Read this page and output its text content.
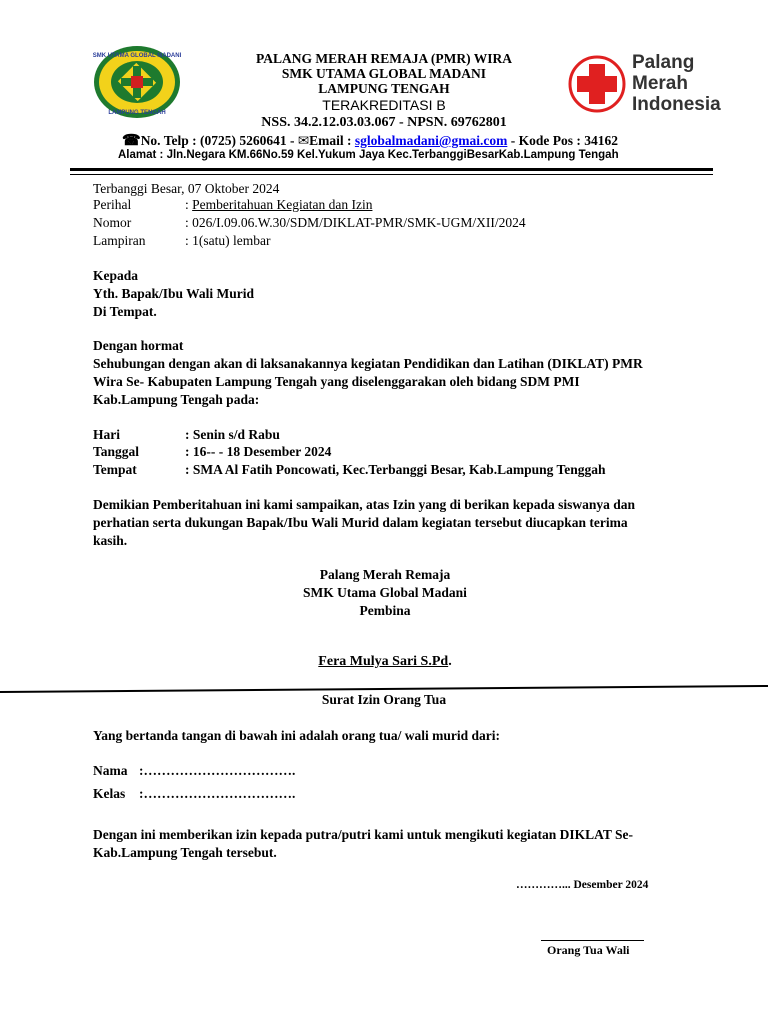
SMK UTAMA GLOBAL MADANI
LAMPUNG TENGAH
Palang
Merah
Indonesia
PALANG MERAH REMAJA (PMR) WIRA
SMK UTAMA GLOBAL MADANI
LAMPUNG TENGAH
TERAKREDITASI B
NSS. 34.2.12.03.03.067 - NPSN. 69762801
☎No. Telp : (0725) 5260641 - ✉Email : sglobalmadani@gmai.com - Kode Pos : 34162
Alamat : Jln.Negara KM.66No.59 Kel.Yukum Jaya Kec.TerbanggiBesarKab.Lampung Tengah
Terbanggi Besar, 07 Oktober 2024
Perihal	: Pemberitahuan Kegiatan dan Izin
Nomor	: 026/I.09.06.W.30/SDM/DIKLAT-PMR/SMK-UGM/XII/2024
Lampiran	: 1(satu) lembar
Kepada
Yth. Bapak/Ibu Wali Murid
Di Tempat.
Dengan hormat
Sehubungan dengan akan di laksanakannya kegiatan Pendidikan dan Latihan (DIKLAT) PMR
Wira Se- Kabupaten Lampung Tengah yang diselenggarakan oleh bidang SDM PMI
Kab.Lampung Tengah pada:
Hari	: Senin s/d Rabu
Tanggal	: 16-- - 18 Desember 2024
Tempat	: SMA Al Fatih Poncowati, Kec.Terbanggi Besar, Kab.Lampung Tenggah
Demikian Pemberitahuan ini kami sampaikan, atas Izin yang di berikan kepada siswanya dan
perhatian serta dukungan Bapak/Ibu Wali Murid dalam kegiatan tersebut diucapkan terima
kasih.
Palang Merah Remaja
SMK Utama Global Madani
Pembina
Fera Mulya Sari S.Pd.
Surat Izin Orang Tua
Yang bertanda tangan di bawah ini adalah orang tua/ wali murid dari:
Nama :…………………………….
Kelas :…………………………….
Dengan ini memberikan izin kepada putra/putri kami untuk mengikuti kegiatan DIKLAT Se-
Kab.Lampung Tengah tersebut.
…………... Desember 2024
Orang Tua Wali
